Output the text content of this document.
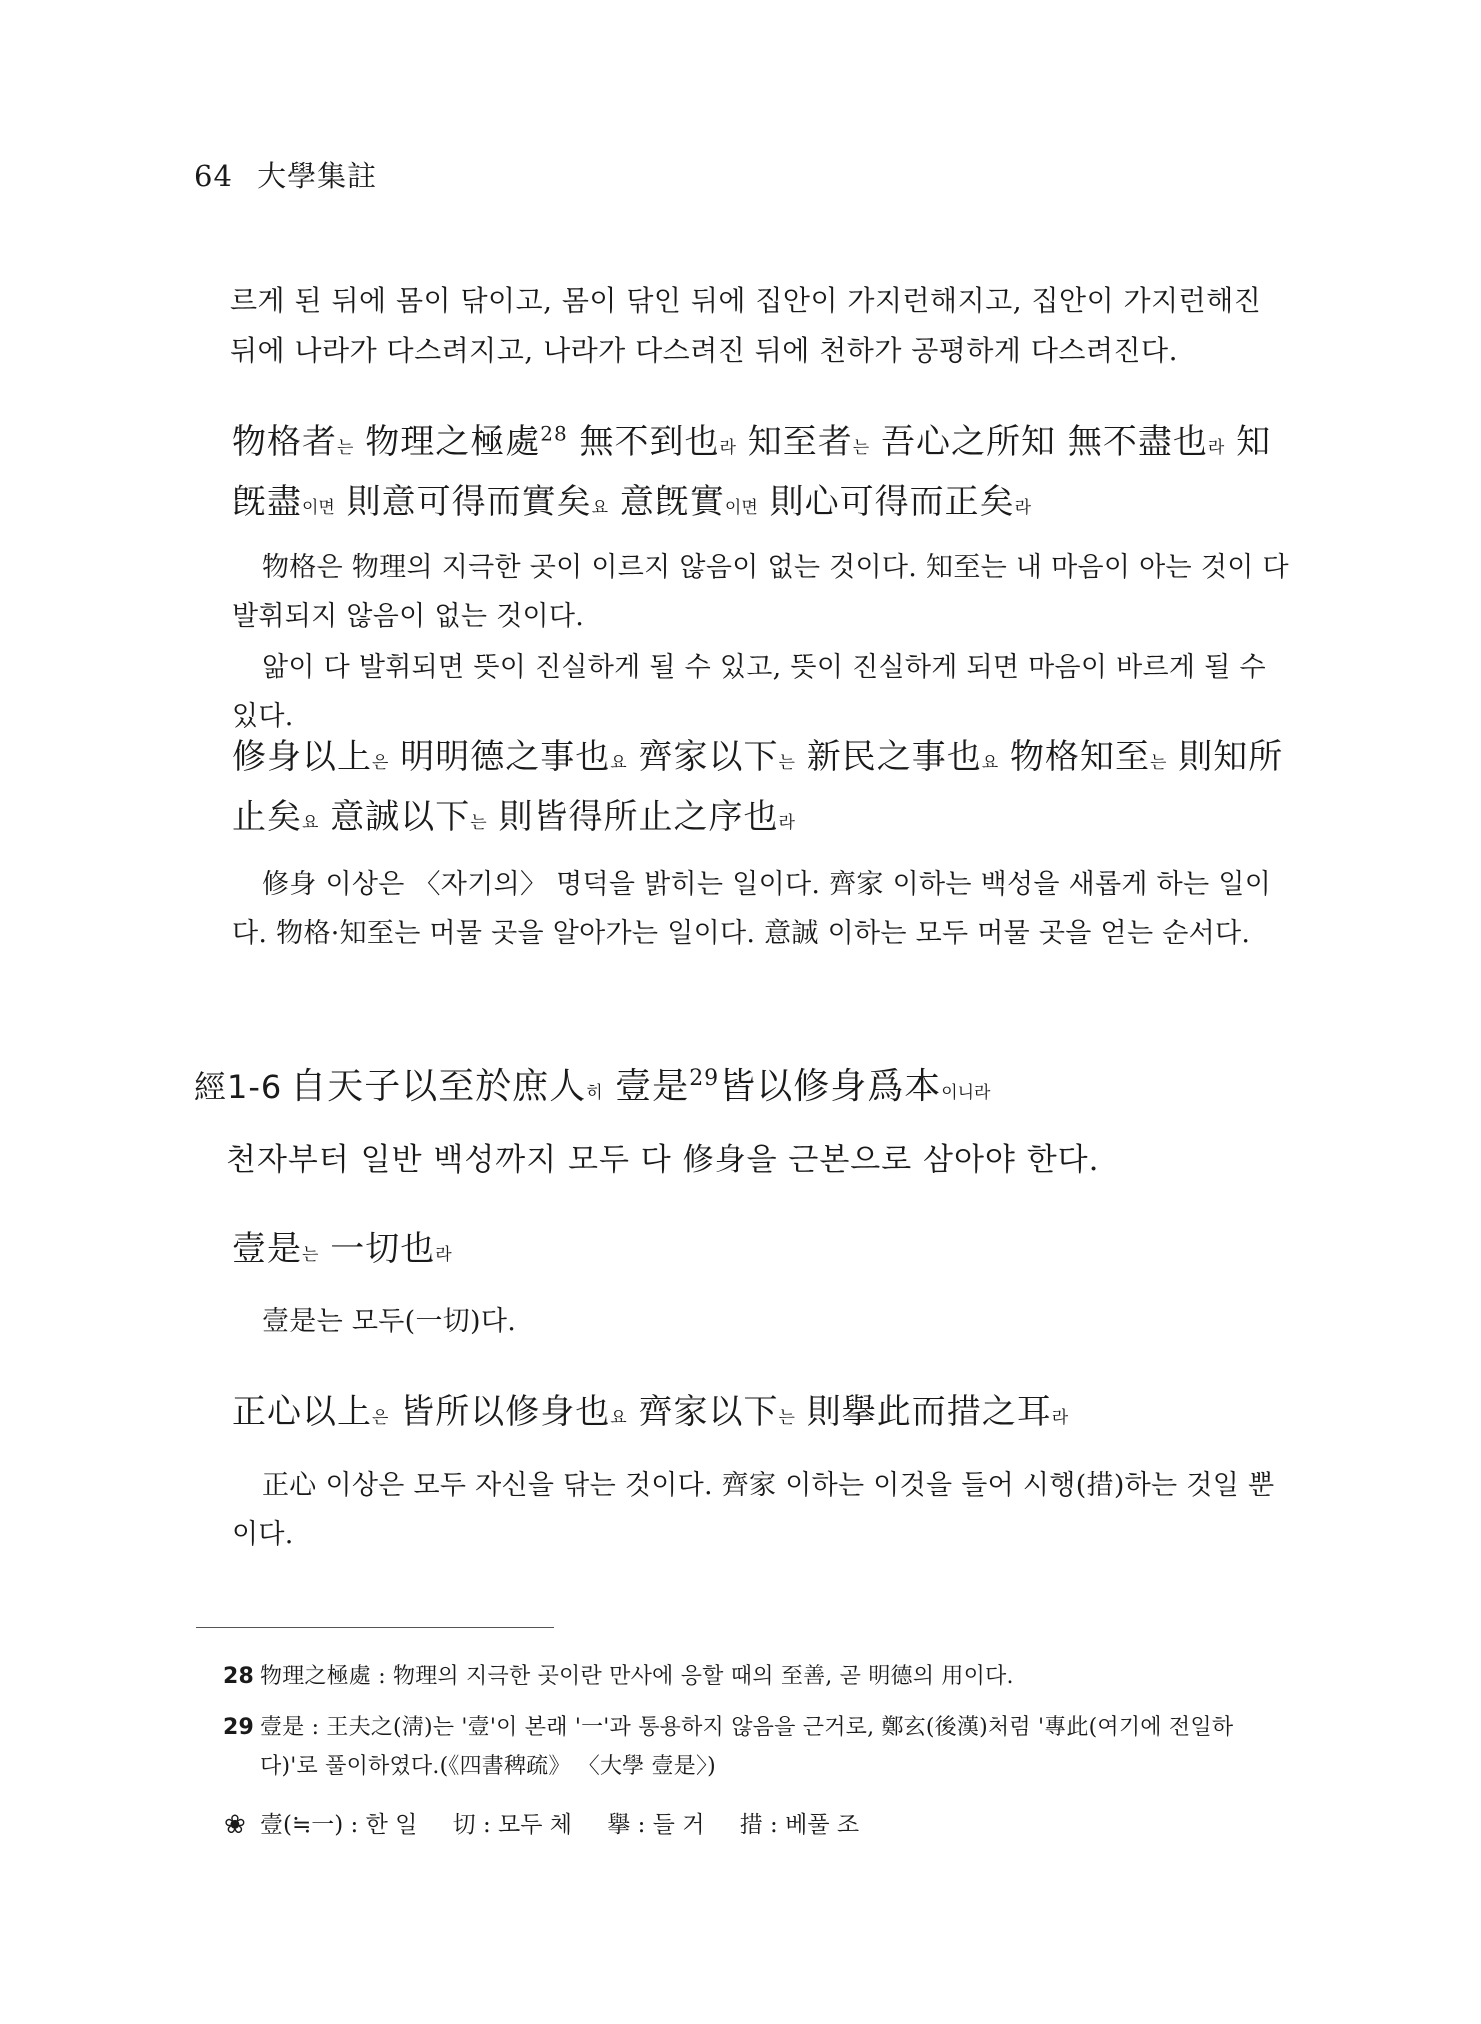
64 大學集註

르게 된 뒤에 몸이 닦이고, 몸이 닦인 뒤에 집안이 가지런해지고, 집안이 가지런해진 뒤에 나라가 다스려지고, 나라가 다스려진 뒤에 천하가 공평하게 다스려진다.

物格者는 物理之極處$^{28}$ 無不到也라 知至者는 吾心之所知 無不盡也라 知旣盡이면 則意可得而實矣요 意旣實이면 則心可得而正矣라

物格은 物理의 지극한 곳이 이르지 않음이 없는 것이다. 知至는 내 마음이 아는 것이 다 발휘되지 않음이 없는 것이다.

앎이 다 발휘되면 뜻이 진실하게 될 수 있고, 뜻이 진실하게 되면 마음이 바르게 될 수 있다.

修身以上은 明明德之事也요 齊家以下는 新民之事也요 物格知至는 則知所止矣요 意誠以下는 則皆得所止之序也라

修身 이상은 〈자기의〉 명덕을 밝히는 일이다. 齊家 이하는 백성을 새롭게 하는 일이다. 物格·知至는 머물 곳을 알아가는 일이다. 意誠 이하는 모두 머물 곳을 얻는 순서다.

經1-6 自天子以至於庶人히 壹是$^{29}$皆以修身爲本이니라

천자부터 일반 백성까지 모두 다 修身을 근본으로 삼아야 한다.

壹是는 一切也라

壹是는 모두(一切)다.

正心以上은 皆所以修身也요 齊家以下는 則擧此而措之耳라

正心 이상은 모두 자신을 닦는 것이다. 齊家 이하는 이것을 들어 시행(措)하는 것일 뿐이다.

28 物理之極處 : 物理의 지극한 곳이란 만사에 응할 때의 至善, 곧 明德의 用이다.
29 壹是 : 王夫之(淸)는 '壹'이 본래 '一'과 통용하지 않음을 근거로, 鄭玄(後漢)처럼 '專此(여기에 전일하다)'로 풀이하였다.(《四書稗疏》 〈大學 壹是〉)
❀ 壹(≒一) : 한 일 切 : 모두 체 擧 : 들 거 措 : 베풀 조
